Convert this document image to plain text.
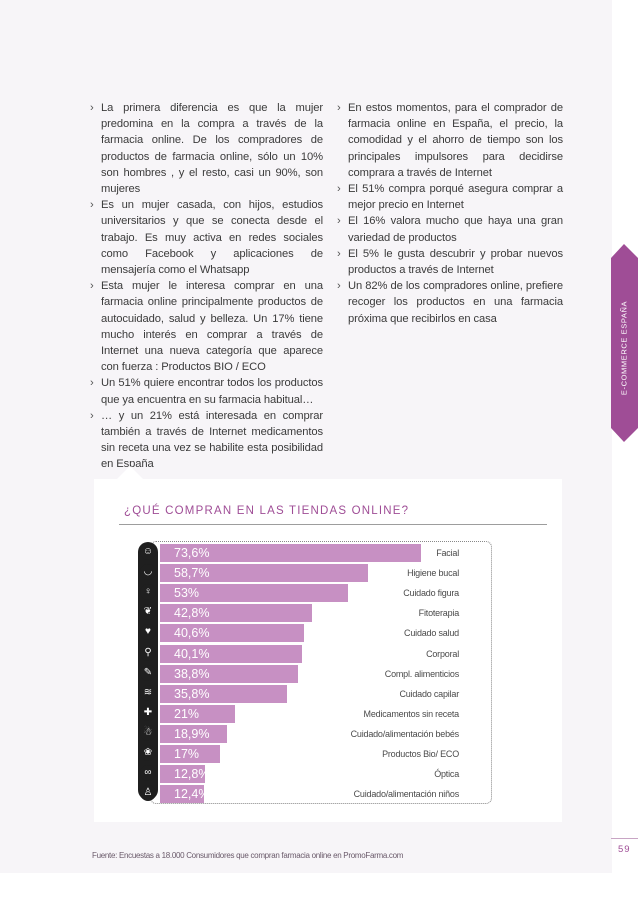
› La primera diferencia es que la mujer predomina en la compra a través de la farmacia online. De los compradores de productos de farmacia online, sólo un 10% son hombres , y el resto, casi un 90%, son mujeres

› Es un mujer casada, con hijos, estudios universitarios y que se conecta desde el trabajo. Es muy activa en redes sociales como Facebook y aplicaciones de mensajería como el Whatsapp

› Esta mujer le interesa comprar en una farmacia online principalmente productos de autocuidado, salud y belleza. Un 17% tiene mucho interés en comprar a través de Internet una nueva categoría que aparece con fuerza : Productos BIO / ECO

› Un 51% quiere encontrar todos los productos que ya encuentra en su farmacia habitual…

› … y un 21% está interesada en comprar también a través de Internet medicamentos sin receta una vez se habilite esta posibilidad en España

› En estos momentos, para el comprador de farmacia online en España, el precio, la comodidad y el ahorro de tiempo son los principales impulsores para decidirse comprara a través de Internet

› El 51% compra porqué asegura comprar a mejor precio en Internet

› El 16% valora mucho que haya una gran variedad de productos

› El 5% le gusta descubrir y probar nuevos productos a través de Internet

› Un 82% de los compradores online, prefiere recoger los productos en una farmacia próxima que recibirlos en casa	E-COMMERCE ESPAÑA
¿QUÉ COMPRAN EN LAS TIENDAS ONLINE?
☺ 73,6%	Facial
◡ 58,7%	Higiene bucal
♀	53%	Cuidado figura
❦	42,8%	Fitoterapia
♥	40,6%	Cuidado salud
⚲	40,1%	Corporal
✎	38,8%	Compl. alimenticios
≋	35,8%	Cuidado capilar
✚	21%	Medicamentos sin receta
☃ 18,9%	Cuidado/alimentación bebés
❀	17%	Productos Bio/ ECO
∞	12,8%	Óptica
♙ 12,4%	Cuidado/alimentación niños
Fuente: Encuestas a 18.000 Consumidores que compran farmacia online en PromoFarma.com
59
